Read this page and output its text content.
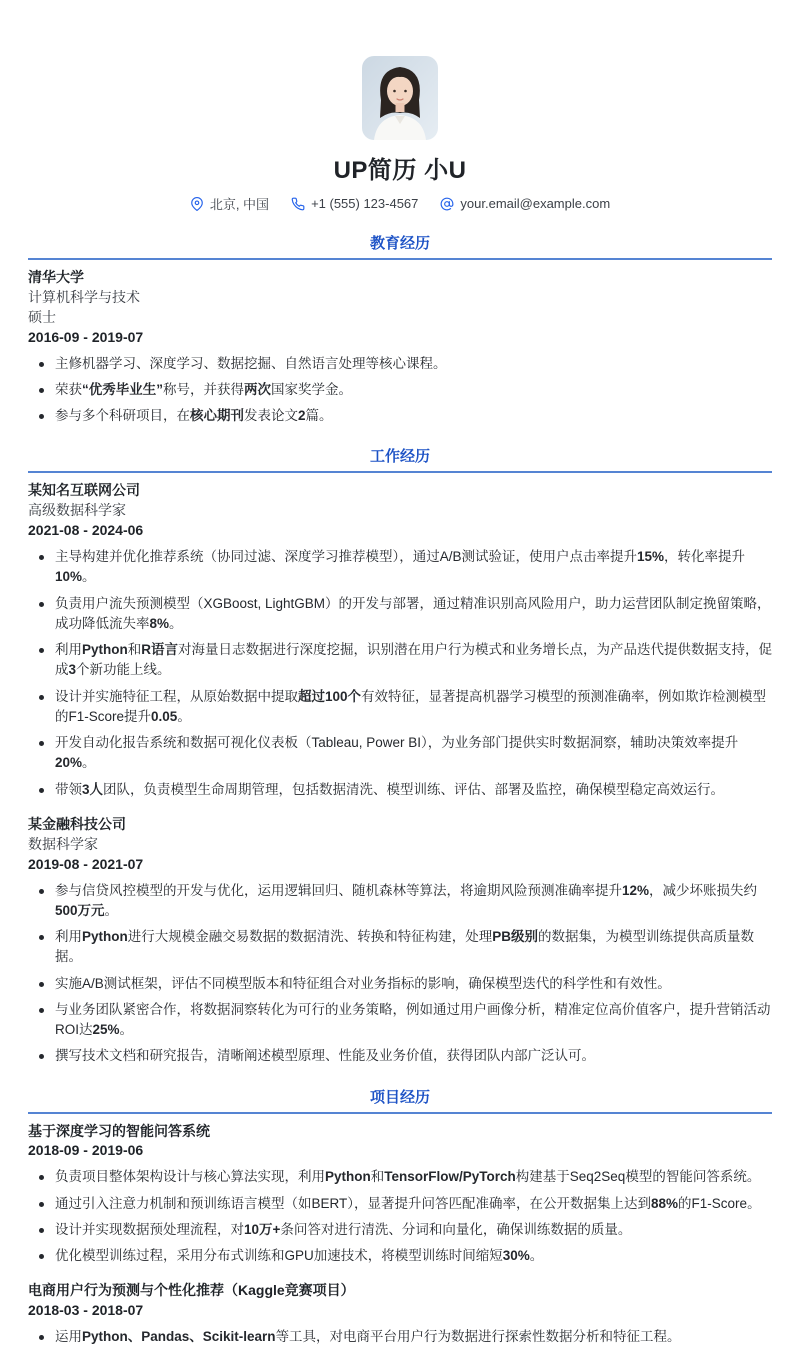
UP简历 小U
北京, 中国	+1 (555) 123-4567	your.email@example.com
教育经历
清华大学
计算机科学与技术
硕士
2016-09 - 2019-07
主修机器学习、深度学习、数据挖掘、自然语言处理等核心课程。
荣获“优秀毕业生”称号，并获得两次国家奖学金。
参与多个科研项目，在核心期刊发表论文2篇。
工作经历
某知名互联网公司
高级数据科学家
2021-08 - 2024-06
主导构建并优化推荐系统（协同过滤、深度学习推荐模型），通过A/B测试验证，使用户点击率提升15%，转化率提升10%。
负责用户流失预测模型（XGBoost, LightGBM）的开发与部署，通过精准识别高风险用户，助力运营团队制定挽留策略，成功降低流失率8%。
利用Python和R语言对海量日志数据进行深度挖掘，识别潜在用户行为模式和业务增长点，为产品迭代提供数据支持，促成3个新功能上线。
设计并实施特征工程，从原始数据中提取超过100个有效特征，显著提高机器学习模型的预测准确率，例如欺诈检测模型的F1-Score提升0.05。
开发自动化报告系统和数据可视化仪表板（Tableau, Power BI），为业务部门提供实时数据洞察，辅助决策效率提升20%。
带领3人团队，负责模型生命周期管理，包括数据清洗、模型训练、评估、部署及监控，确保模型稳定高效运行。
某金融科技公司
数据科学家
2019-08 - 2021-07
参与信贷风控模型的开发与优化，运用逻辑回归、随机森林等算法，将逾期风险预测准确率提升12%，减少坏账损失约500万元。
利用Python进行大规模金融交易数据的数据清洗、转换和特征构建，处理PB级别的数据集，为模型训练提供高质量数据。
实施A/B测试框架，评估不同模型版本和特征组合对业务指标的影响，确保模型迭代的科学性和有效性。
与业务团队紧密合作，将数据洞察转化为可行的业务策略，例如通过用户画像分析，精准定位高价值客户，提升营销活动ROI达25%。
撰写技术文档和研究报告，清晰阐述模型原理、性能及业务价值，获得团队内部广泛认可。
项目经历
基于深度学习的智能问答系统
2018-09 - 2019-06
负责项目整体架构设计与核心算法实现，利用Python和TensorFlow/PyTorch构建基于Seq2Seq模型的智能问答系统。
通过引入注意力机制和预训练语言模型（如BERT），显著提升问答匹配准确率，在公开数据集上达到88%的F1-Score。
设计并实现数据预处理流程，对10万+条问答对进行清洗、分词和向量化，确保训练数据的质量。
优化模型训练过程，采用分布式训练和GPU加速技术，将模型训练时间缩短30%。
电商用户行为预测与个性化推荐（Kaggle竞赛项目）
2018-03 - 2018-07
运用Python、Pandas、Scikit-learn等工具，对电商平台用户行为数据进行探索性数据分析和特征工程。
